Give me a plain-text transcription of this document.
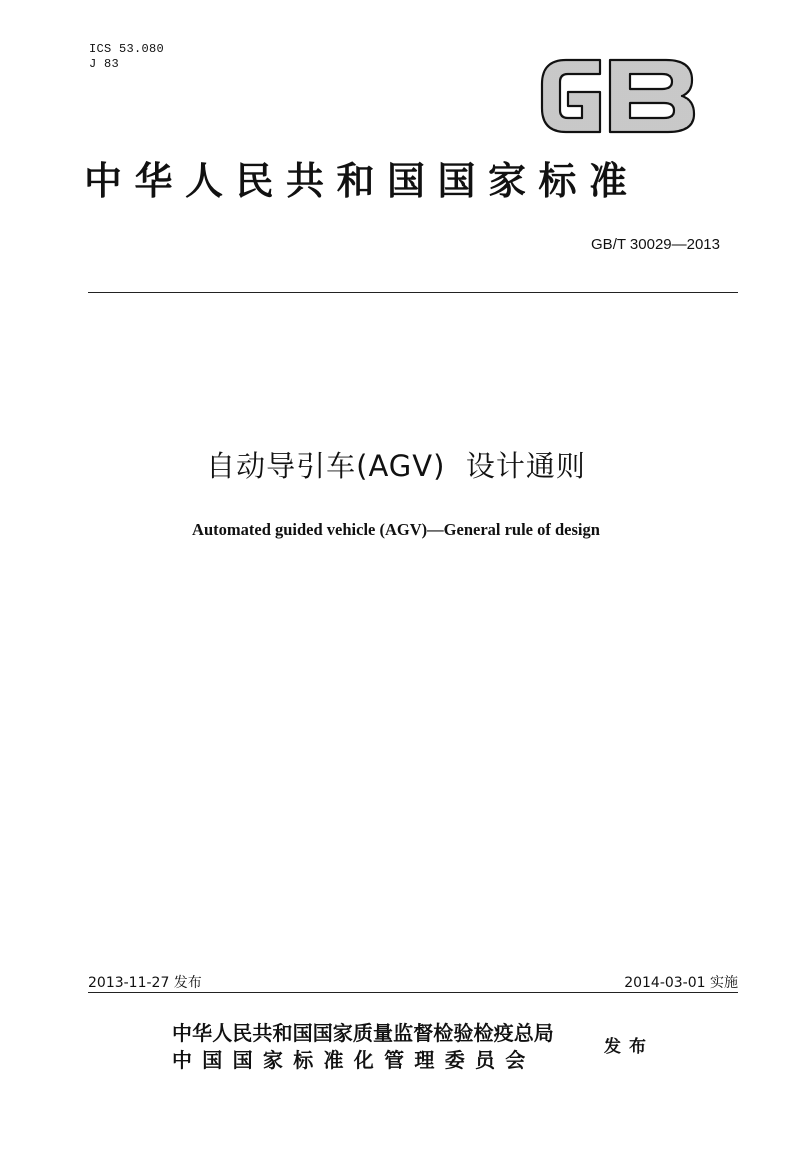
ICS 53.080
J 83
中华人民共和国国家标准
GB/T 30029—2013
自动导引车(AGV)  设计通则
Automated guided vehicle (AGV)—General rule of design
2013-11-27 发布	2014-03-01 实施
中华人民共和国国家质量监督检验检疫总局
中国国家标准化管理委员会
发布
